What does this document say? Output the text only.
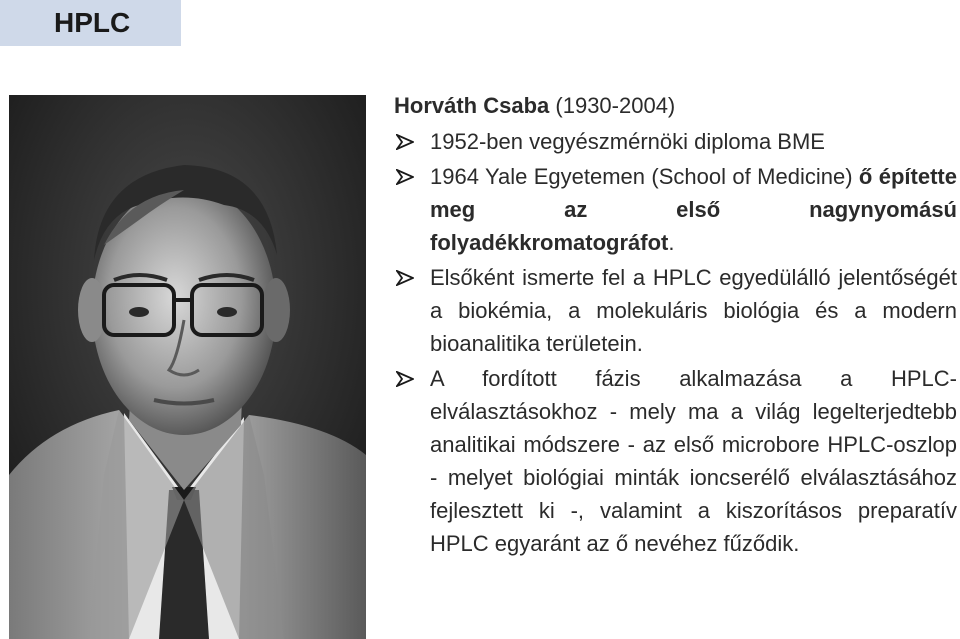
HPLC
Horváth Csaba (1930-2004)
1952-ben vegyészmérnöki diploma BME
1964 Yale Egyetemen (School of Medicine) ő építette meg az első nagynyomású folyadékkromatográfot.
Elsőként ismerte fel a HPLC egyedülálló jelentőségét a biokémia, a molekuláris biológia és a modern bioanalitika területein.
A fordított fázis alkalmazása a HPLC-elválasztásokhoz - mely ma a világ legelterjedtebb analitikai módszere - az első microbore HPLC-oszlop - melyet biológiai minták ioncserélő elválasztásához fejlesztett ki -, valamint a kiszorításos preparatív HPLC egyaránt az ő nevéhez fűződik.
